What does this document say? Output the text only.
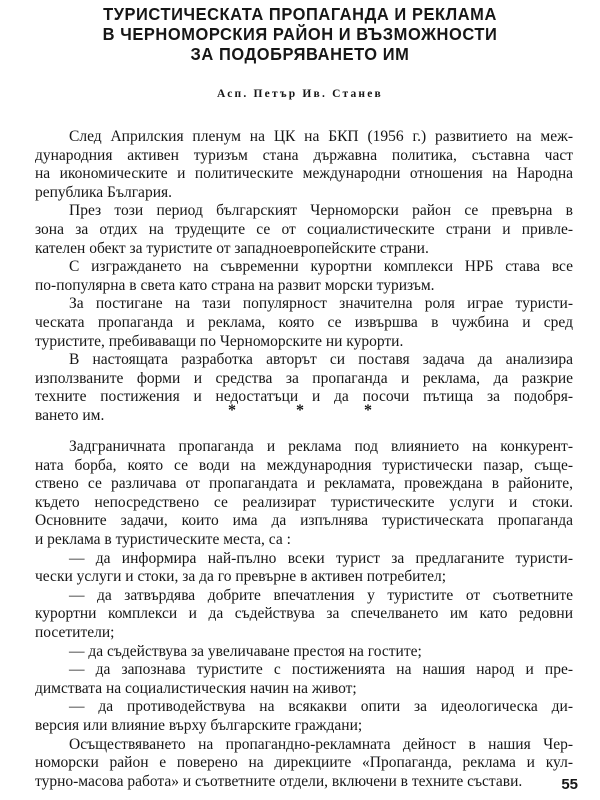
ТУРИСТИЧЕСКАТА ПРОПАГАНДА И РЕКЛАМА
В ЧЕРНОМОРСКИЯ РАЙОН И ВЪЗМОЖНОСТИ
ЗА ПОДОБРЯВАНЕТО ИМ
Асп. Петър Ив. Станев
След Априлския пленум на ЦК на БКП (1956 г.) развитието на меж-
дународния активен туризъм стана държавна политика, съставна част
на икономическите и политическите международни отношения на Народна
република България.
През този период българският Черноморски район се превърна в
зона за отдих на трудещите се от социалистическите страни и привле-
кателен обект за туристите от западноевропейските страни.
С изграждането на съвременни курортни комплекси НРБ става все
по-популярна в света като страна на развит морски туризъм.
За постигане на тази популярност значителна роля играе туристи-
ческата пропаганда и реклама, която се извършва в чужбина и сред
туристите, пребиваващи по Черноморските ни курорти.
В настоящата разработка авторът си поставя задача да анализира
използваните форми и средства за пропаганда и реклама, да разкрие
техните постижения и недостатъци и да посочи пътища за подобря-
ването им.	* * *
Задграничната пропаганда и реклама под влиянието на конкурент-
ната борба, която се води на международния туристически пазар, съще-
ствено се различава от пропагандата и рекламата, провеждана в районите,
където непосредствено се реализират туристическите услуги и стоки.
Основните задачи, които има да изпълнява туристическата пропаганда
и реклама в туристическите места, са :
— да информира най-пълно всеки турист за предлаганите туристи-
чески услуги и стоки, за да го превърне в активен потребител;
— да затвърдява добрите впечатления у туристите от съответните
курортни комплекси и да съдействува за спечелването им като редовни
посетители;
— да съдействува за увеличаване престоя на гостите;
— да запознава туристите с постиженията на нашия народ и пре-
димствата на социалистическия начин на живот;
— да противодействува на всякакви опити за идеологическа ди-
версия или влияние върху българските граждани;
Осъществяването на пропагандно-рекламната дейност в нашия Чер-
номорски район е поверено на дирекциите «Пропаганда, реклама и кул-
турно-масова работа» и съответните отдели, включени в техните състави.	55
